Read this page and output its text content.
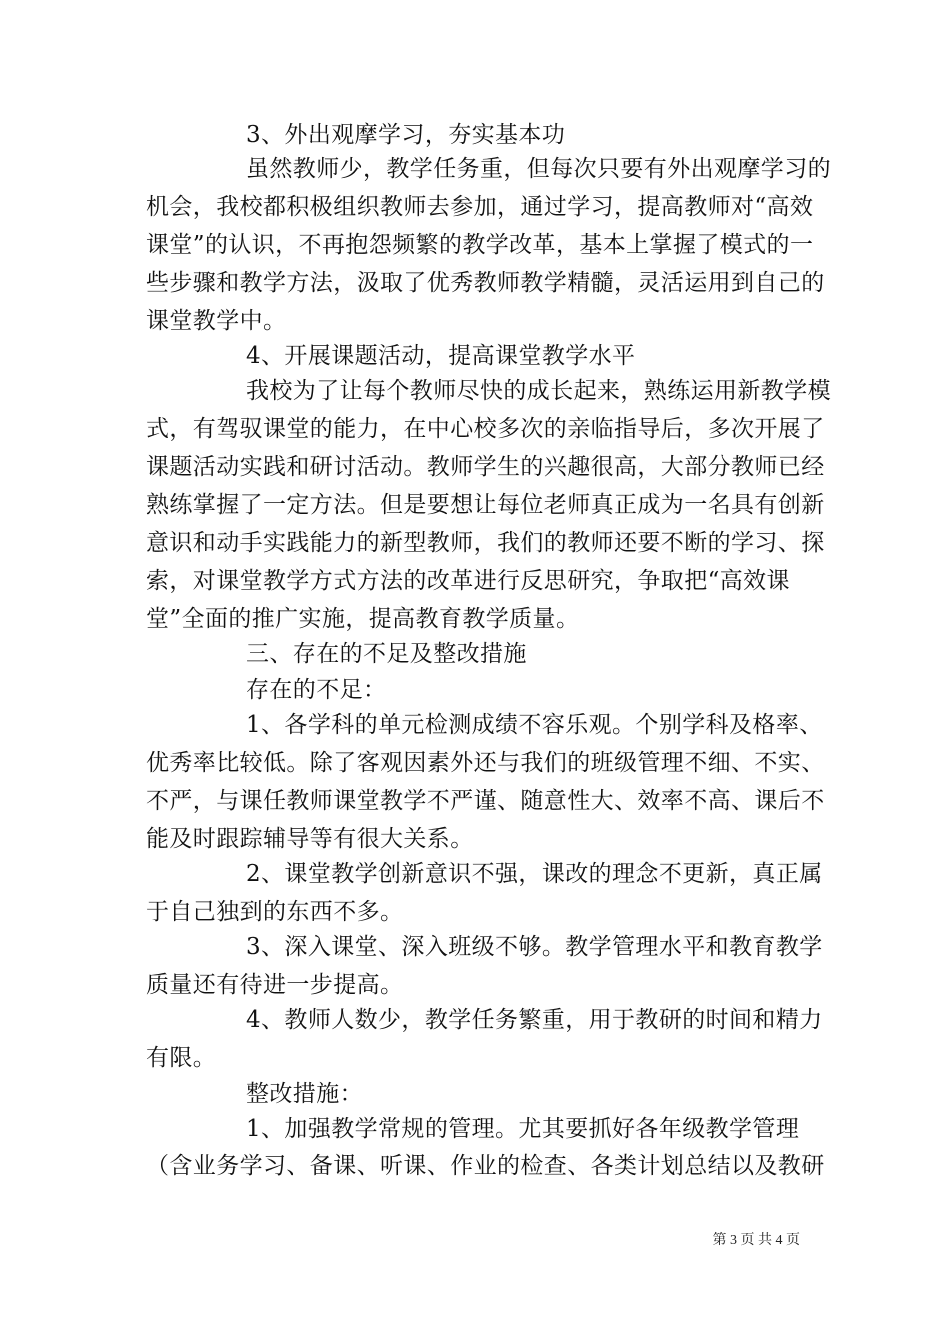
3、外出观摩学习，夯实基本功
虽然教师少，教学任务重，但每次只要有外出观摩学习的
机会，我校都积极组织教师去参加，通过学习，提高教师对“高效
课堂”的认识，不再抱怨频繁的教学改革，基本上掌握了模式的一
些步骤和教学方法，汲取了优秀教师教学精髓，灵活运用到自己的
课堂教学中。
4、开展课题活动，提高课堂教学水平
我校为了让每个教师尽快的成长起来，熟练运用新教学模
式，有驾驭课堂的能力，在中心校多次的亲临指导后，多次开展了
课题活动实践和研讨活动。教师学生的兴趣很高，大部分教师已经
熟练掌握了一定方法。但是要想让每位老师真正成为一名具有创新
意识和动手实践能力的新型教师，我们的教师还要不断的学习、探
索，对课堂教学方式方法的改革进行反思研究，争取把“高效课
堂”全面的推广实施，提高教育教学质量。
三、存在的不足及整改措施
存在的不足：
1、各学科的单元检测成绩不容乐观。个别学科及格率、
优秀率比较低。除了客观因素外还与我们的班级管理不细、不实、
不严，与课任教师课堂教学不严谨、随意性大、效率不高、课后不
能及时跟踪辅导等有很大关系。
2、课堂教学创新意识不强，课改的理念不更新，真正属
于自己独到的东西不多。
3、深入课堂、深入班级不够。教学管理水平和教育教学
质量还有待进一步提高。
4、教师人数少，教学任务繁重，用于教研的时间和精力
有限。
整改措施：
1、加强教学常规的管理。尤其要抓好各年级教学管理
（含业务学习、备课、听课、作业的检查、各类计划总结以及教研
第 3 页 共 4 页
